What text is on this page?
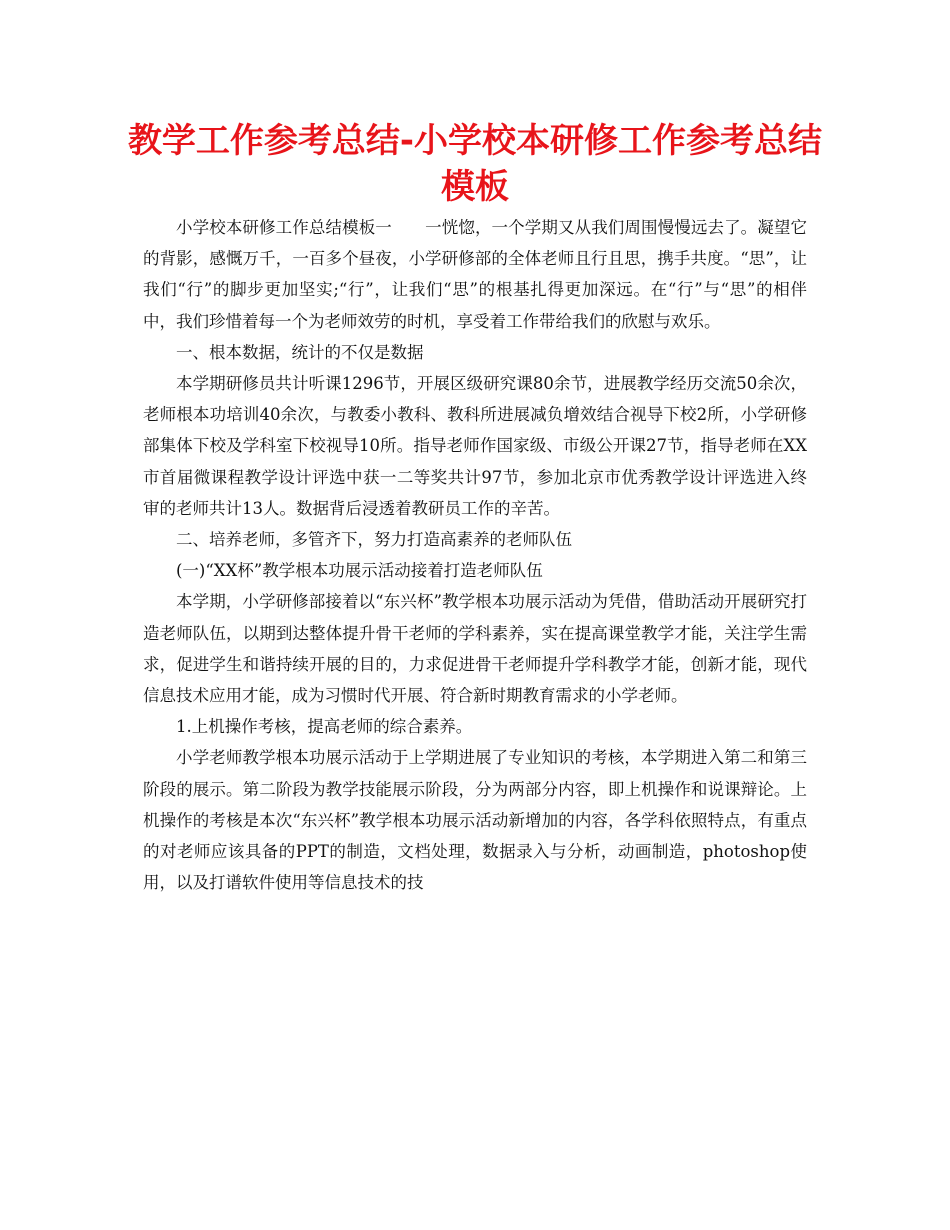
教学工作参考总结-小学校本研修工作参考总结模板

小学校本研修工作总结模板一　　一恍惚，一个学期又从我们周围慢慢远去了。凝望它的背影，感慨万千，一百多个昼夜，小学研修部的全体老师且行且思，携手共度。“思”，让我们“行”的脚步更加坚实;“行”，让我们“思”的根基扎得更加深远。在“行”与“思”的相伴中，我们珍惜着每一个为老师效劳的时机，享受着工作带给我们的欣慰与欢乐。

一、根本数据，统计的不仅是数据

本学期研修员共计听课1296节，开展区级研究课80余节，进展教学经历交流50余次，老师根本功培训40余次，与教委小教科、教科所进展减负增效结合视导下校2所，小学研修部集体下校及学科室下校视导10所。指导老师作国家级、市级公开课27节，指导老师在XX市首届微课程教学设计评选中获一二等奖共计97节，参加北京市优秀教学设计评选进入终审的老师共计13人。数据背后浸透着教研员工作的辛苦。

二、培养老师，多管齐下，努力打造高素养的老师队伍

(一)“XX杯”教学根本功展示活动接着打造老师队伍

本学期，小学研修部接着以“东兴杯”教学根本功展示活动为凭借，借助活动开展研究打造老师队伍，以期到达整体提升骨干老师的学科素养，实在提高课堂教学才能，关注学生需求，促进学生和谐持续开展的目的，力求促进骨干老师提升学科教学才能，创新才能，现代信息技术应用才能，成为习惯时代开展、符合新时期教育需求的小学老师。

1.上机操作考核，提高老师的综合素养。

小学老师教学根本功展示活动于上学期进展了专业知识的考核，本学期进入第二和第三阶段的展示。第二阶段为教学技能展示阶段，分为两部分内容，即上机操作和说课辩论。上机操作的考核是本次“东兴杯”教学根本功展示活动新增加的内容，各学科依照特点，有重点的对老师应该具备的PPT的制造，文档处理，数据录入与分析，动画制造，photoshop使用，以及打谱软件使用等信息技术的技
